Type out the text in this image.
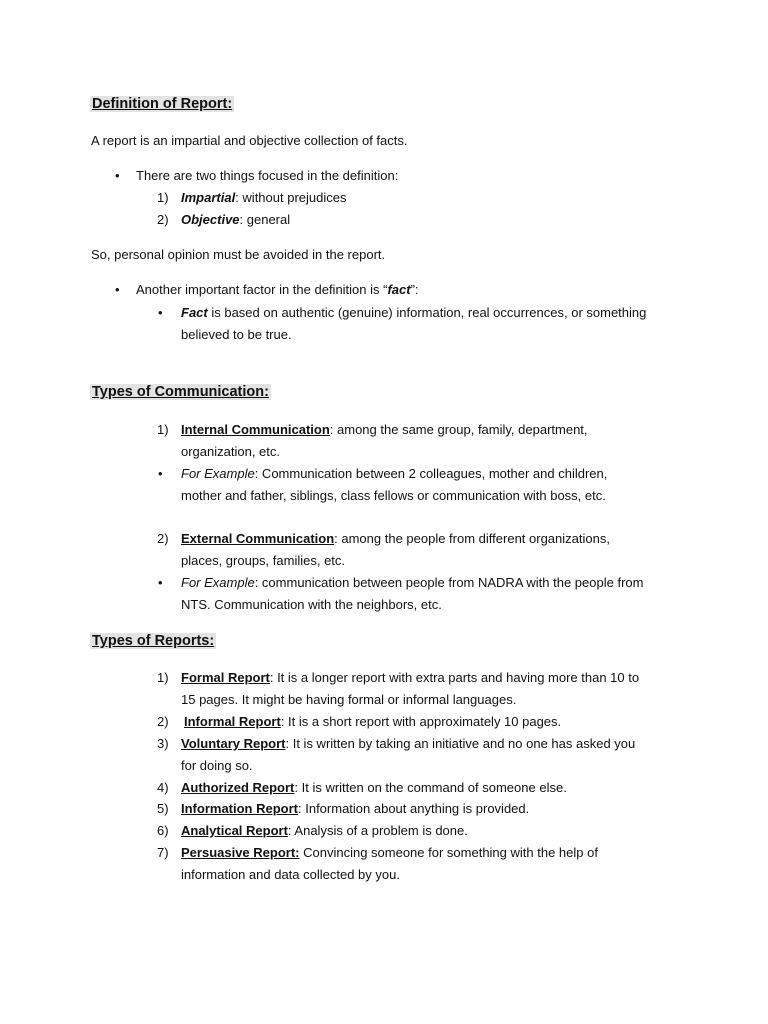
Definition of Report:
A report is an impartial and objective collection of facts.
• There are two things focused in the definition:
1) Impartial: without prejudices
2) Objective: general
So, personal opinion must be avoided in the report.
• Another important factor in the definition is “fact”:
• Fact is based on authentic (genuine) information, real occurrences, or something
believed to be true.
Types of Communication:
1) Internal Communication: among the same group, family, department,
organization, etc.
• For Example: Communication between 2 colleagues, mother and children,
mother and father, siblings, class fellows or communication with boss, etc.
2) External Communication: among the people from different organizations,
places, groups, families, etc.
• For Example: communication between people from NADRA with the people from
NTS. Communication with the neighbors, etc.
Types of Reports:
1) Formal Report: It is a longer report with extra parts and having more than 10 to
15 pages. It might be having formal or informal languages.
2) Informal Report: It is a short report with approximately 10 pages.
3) Voluntary Report: It is written by taking an initiative and no one has asked you
for doing so.
4) Authorized Report: It is written on the command of someone else.
5) Information Report: Information about anything is provided.
6) Analytical Report: Analysis of a problem is done.
7) Persuasive Report: Convincing someone for something with the help of
information and data collected by you.
